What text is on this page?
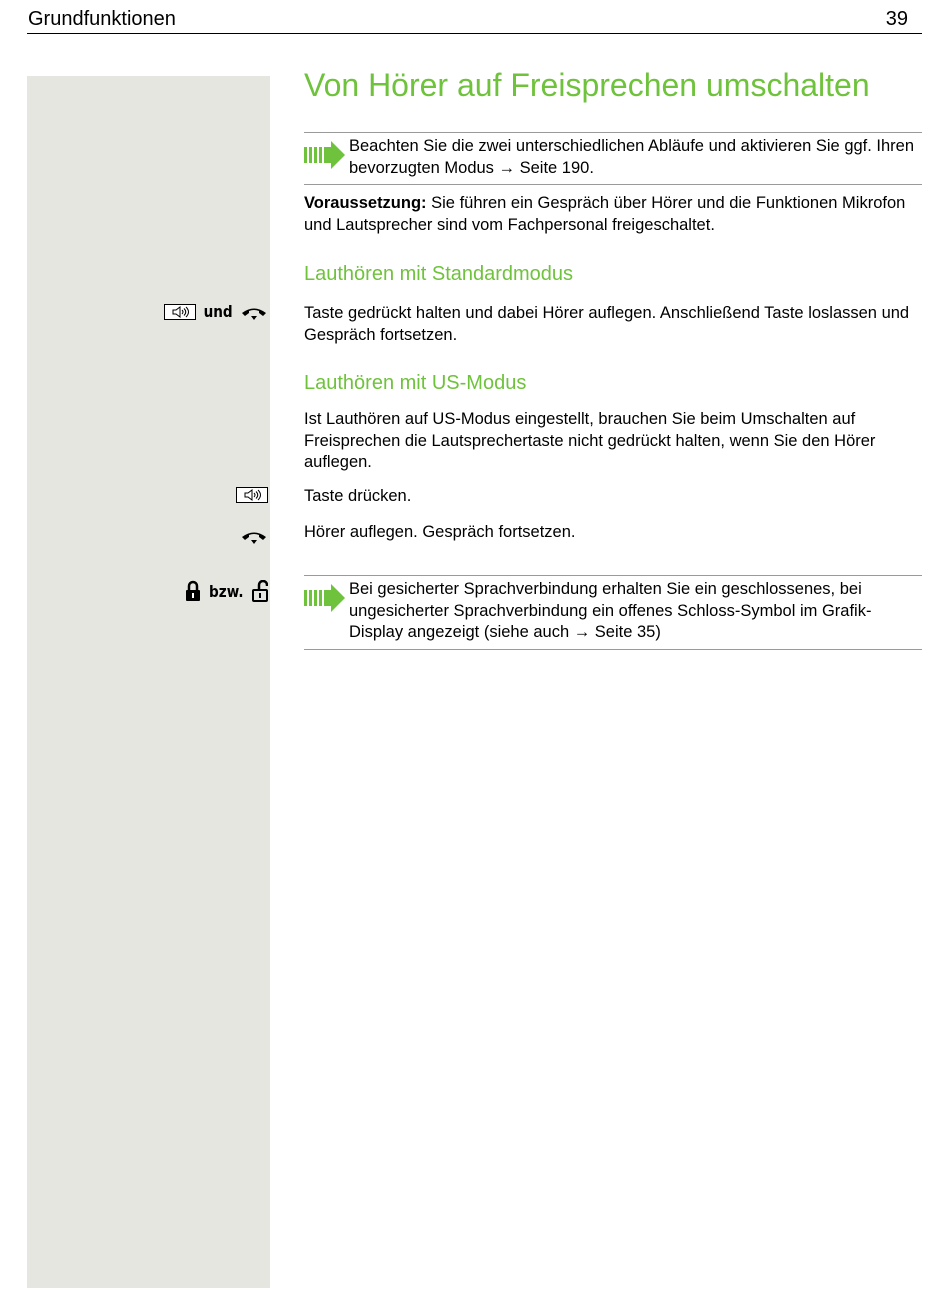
Grundfunktionen	39
Von Hörer auf Freisprechen umschalten
Beachten Sie die zwei unterschiedlichen Abläufe und aktivieren Sie ggf. Ihren bevorzugten Modus → Seite 190.
Voraussetzung: Sie führen ein Gespräch über Hörer und die Funktionen Mikrofon und Lautsprecher sind vom Fachpersonal freigeschaltet.
Lauthören mit Standardmodus
und	Taste gedrückt halten und dabei Hörer auflegen. Anschließend Taste loslassen und Gespräch fortsetzen.
Lauthören mit US-Modus
Ist Lauthören auf US-Modus eingestellt, brauchen Sie beim Umschalten auf Freisprechen die Lautsprechertaste nicht gedrückt halten, wenn Sie den Hörer auflegen.
Taste drücken.
Hörer auflegen. Gespräch fortsetzen.
bzw.	Bei gesicherter Sprachverbindung erhalten Sie ein geschlossenes, bei ungesicherter Sprachverbindung ein offenes Schloss-Symbol im Grafik-Display angezeigt (siehe auch → Seite 35)
